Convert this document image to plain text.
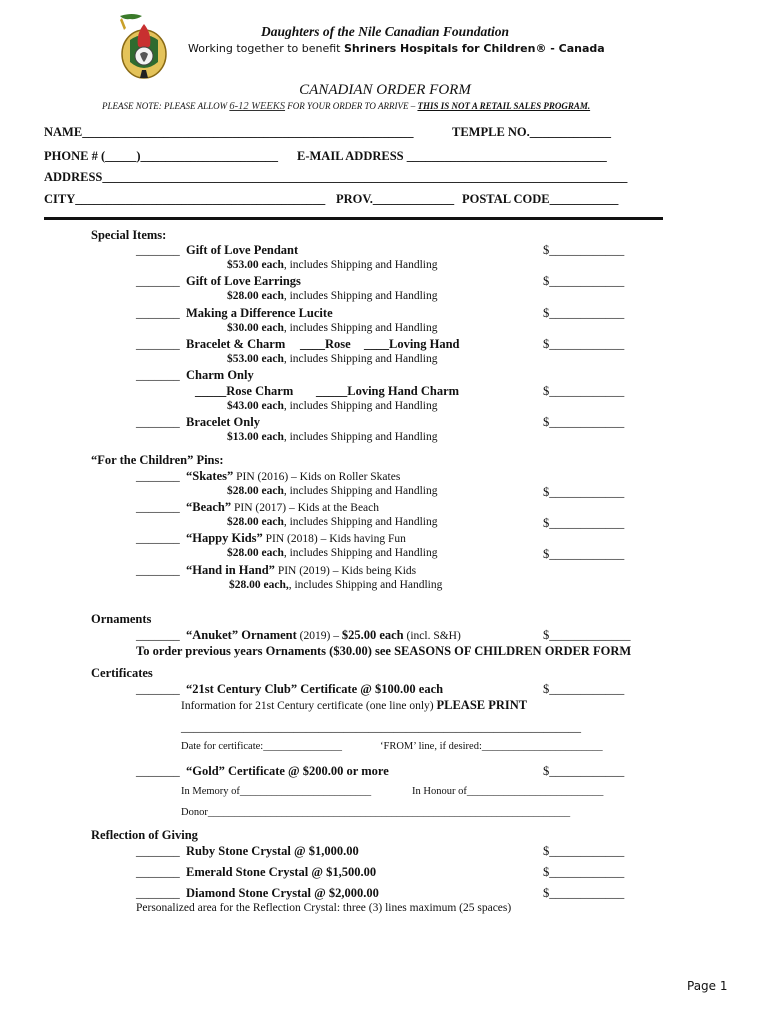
Daughters of the Nile Canadian Foundation
Working together to benefit Shriners Hospitals for Children® - Canada
CANADIAN ORDER FORM
PLEASE NOTE: PLEASE ALLOW 6-12 WEEKS FOR YOUR ORDER TO ARRIVE – THIS IS NOT A RETAIL SALES PROGRAM.
NAME_____________________________________________________	TEMPLE NO._____________
PHONE # (_____)______________________ E-MAIL ADDRESS ________________________________
ADDRESS____________________________________________________________________________________
CITY________________________________________ PROV._____________ POSTAL CODE___________
Special Items:
_______ Gift of Love Pendant	$____________
$53.00 each, includes Shipping and Handling
_______ Gift of Love Earrings	$____________
$28.00 each, includes Shipping and Handling
_______ Making a Difference Lucite	$____________
$30.00 each, includes Shipping and Handling
_______ Bracelet & Charm ____Rose ____Loving Hand	$____________
$53.00 each, includes Shipping and Handling
_______ Charm Only
_____Rose Charm _____Loving Hand Charm	$____________
$43.00 each, includes Shipping and Handling
_______ Bracelet Only	$____________
$13.00 each, includes Shipping and Handling
“For the Children” Pins:
_______ “Skates” PIN (2016) – Kids on Roller Skates
$28.00 each, includes Shipping and Handling	$____________
_______ “Beach” PIN (2017) – Kids at the Beach
$28.00 each, includes Shipping and Handling	$____________
_______ “Happy Kids” PIN (2018) – Kids having Fun
$28.00 each, includes Shipping and Handling	$____________
_______ “Hand in Hand” PIN (2019) – Kids being Kids
$28.00 each,, includes Shipping and Handling
Ornaments
_______ “Anuket” Ornament (2019) – $25.00 each (incl. S&H)	$_____________
To order previous years Ornaments ($30.00) see SEASONS OF CHILDREN ORDER FORM
Certificates
_______ “21st Century Club” Certificate @ $100.00 each	$____________
Information for 21st Century certificate (one line only) PLEASE PRINT
________________________________________________________________
Date for certificate:_______________	‘FROM’ line, if desired:_______________________
_______ “Gold” Certificate @ $200.00 or more	$____________
In Memory of_________________________	In Honour of__________________________
Donor_____________________________________________________________________
Reflection of Giving
_______ Ruby Stone Crystal @ $1,000.00	$____________
_______ Emerald Stone Crystal @ $1,500.00	$____________
_______ Diamond Stone Crystal @ $2,000.00	$____________
Personalized area for the Reflection Crystal: three (3) lines maximum (25 spaces)
Page 1
